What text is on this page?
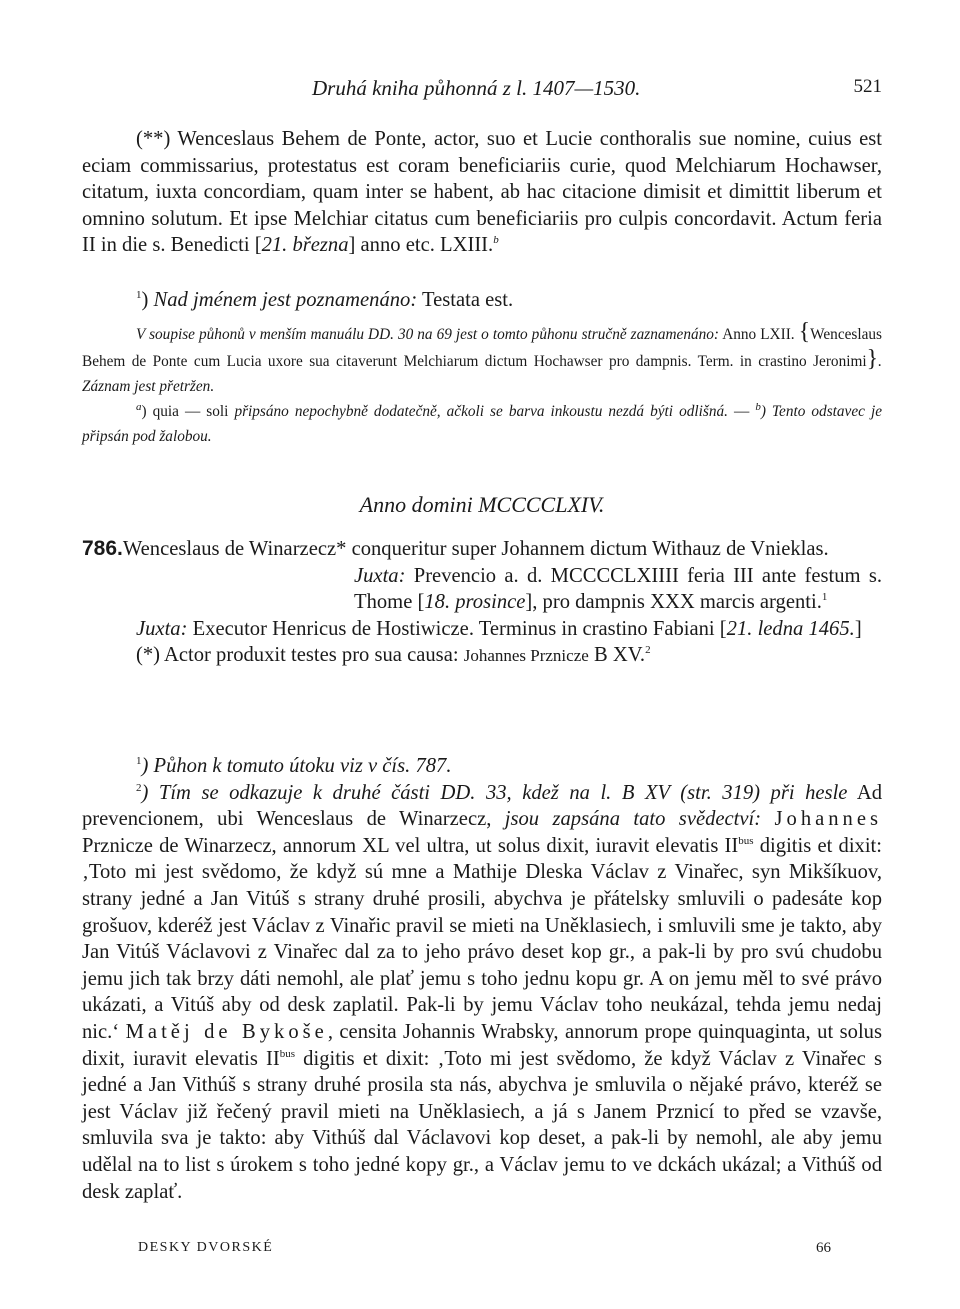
Druhá kniha půhonná z l. 1407—1530.	521

(**) Wenceslaus Behem de Ponte, actor, suo et Lucie conthoralis sue nomine, cuius est eciam commissarius, protestatus est coram beneficiariis curie, quod Melchiarum Hochawser, citatum, iuxta concordiam, quam inter se habent, ab hac citacione dimisit et dimittit liberum et omnino solutum. Et ipse Melchiar citatus cum beneficiariis pro culpis concordavit. Actum feria II in die s. Benedicti [21. března] anno etc. LXIII.$^b$

$^1$) Nad jménem jest poznamenáno: Testata est.

V soupise půhonů v menším manuálu DD. 30 na 69 jest o tomto půhonu stručně zaznamenáno: Anno LXII. {Wenceslaus Behem de Ponte cum Lucia uxore sua citaverunt Melchiarum dictum Hochawser pro dampnis. Term. in crastino Jeronimi}. Záznam jest přetržen.

$^a$) quia — soli připsáno nepochybně dodatečně, ačkoli se barva inkoustu nezdá býti odlišná. — $^b$) Tento odstavec je připsán pod žalobou.

Anno domini MCCCCLXIV.

786.Wenceslaus de Winarzecz* conqueritur super Johannem dictum Withauz de Vnieklas.

Juxta: Prevencio a. d. MCCCCLXIIII feria III ante festum s. Thome [18. prosince], pro dampnis XXX marcis argenti.$^1$

Juxta: Executor Henricus de Hostiwicze. Terminus in crastino Fabiani [21. ledna 1465.]

(*) Actor produxit testes pro sua causa: Johannes Prznicze B XV.$^2$

$^1$) Půhon k tomuto útoku viz v čís. 787.

$^2$) Tím se odkazuje k druhé části DD. 33, kdež na l. B XV (str. 319) při hesle Ad prevencionem, ubi Wenceslaus de Winarzecz, jsou zapsána tato svědectví: Johannes Prznicze de Winarzecz, annorum XL vel ultra, ut solus dixit, iuravit elevatis $II^{bus}$ digitis et dixit: ‚Toto mi jest svědomo, že když sú mne a Mathije Dleska Václav z Vinařec, syn Mikšíkuov, strany jedné a Jan Vitúš s strany druhé prosili, abychva je přátelsky smluvili o padesáte kop grošuov, kderéž jest Václav z Vinařic pravil se mieti na Uněklasiech, i smluvili sme je takto, aby Jan Vitúš Václavovi z Vinařec dal za to jeho právo deset kop gr., a pak-li by pro svú chudobu jemu jich tak brzy dáti nemohl, ale plať jemu s toho jednu kopu gr. A on jemu měl to své právo ukázati, a Vitúš aby od desk zaplatil. Pak-li by jemu Václav toho neukázal, tehda jemu nedaj nic.‘ Matěj de Bykoše, censita Johannis Wrabsky, annorum prope quinquaginta, ut solus dixit, iuravit elevatis $II^{bus}$ digitis et dixit: ‚Toto mi jest svědomo, že když Václav z Vinařec s jedné a Jan Vithúš s strany druhé prosila sta nás, abychva je smluvila o nějaké právo, kteréž se jest Václav již řečený pravil mieti na Uněklasiech, a já s Janem Prznicí to před se vzavše, smluvila sva je takto: aby Vithúš dal Václavovi kop deset, a pak-li by nemohl, ale aby jemu udělal na to list s úrokem s toho jedné kopy gr., a Václav jemu to ve dckách ukázal; a Vithúš od desk zaplať.

DESKY DVORSKÉ	66
